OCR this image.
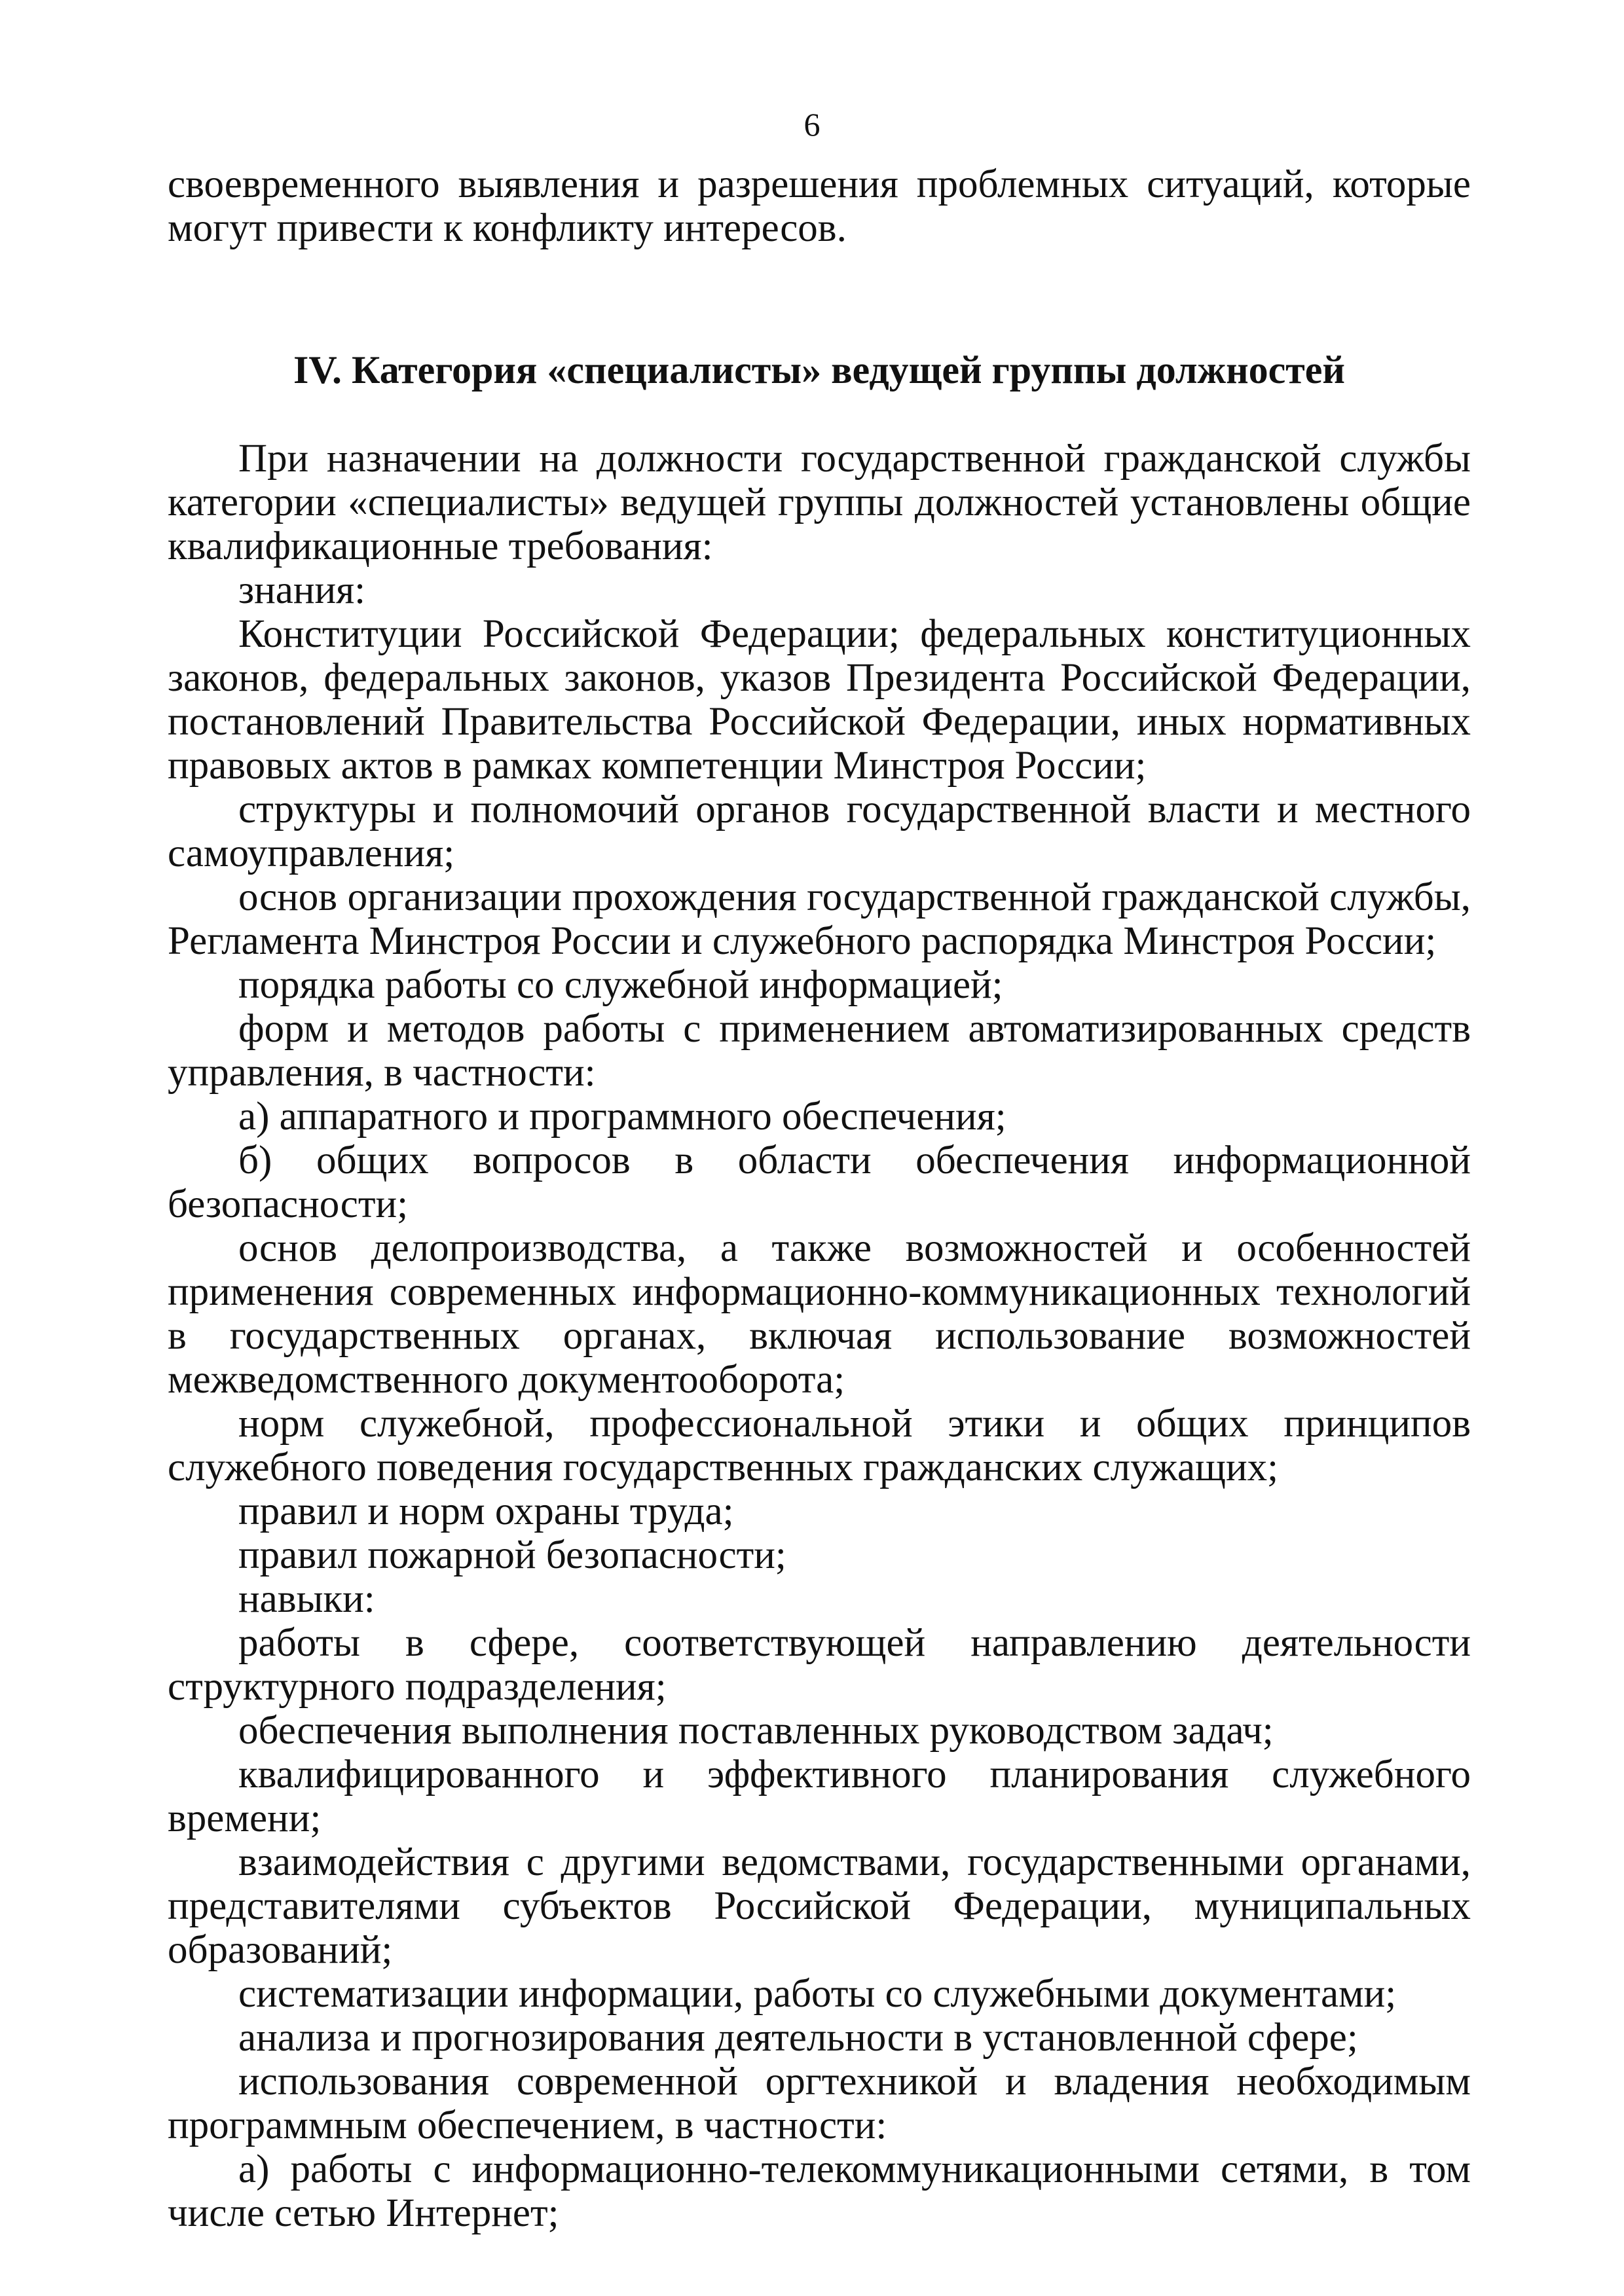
6

своевременного выявления и разрешения проблемных ситуаций, которые могут привести к конфликту интересов.

IV. Категория «специалисты» ведущей группы должностей

При назначении на должности государственной гражданской службы категории «специалисты» ведущей группы должностей установлены общие квалификационные требования:

знания:

Конституции Российской Федерации; федеральных конституционных законов, федеральных законов, указов Президента Российской Федерации, постановлений Правительства Российской Федерации, иных нормативных правовых актов в рамках компетенции Минстроя России;

структуры и полномочий органов государственной власти и местного самоуправления;

основ организации прохождения государственной гражданской службы, Регламента Минстроя России и служебного распорядка Минстроя России;

порядка работы со служебной информацией;

форм и методов работы с применением автоматизированных средств управления, в частности:

а) аппаратного и программного обеспечения;

б) общих вопросов в области обеспечения информационной безопасности;

основ делопроизводства, а также возможностей и особенностей применения современных информационно-коммуникационных технологий в государственных органах, включая использование возможностей межведомственного документооборота;

норм служебной, профессиональной этики и общих принципов служебного поведения государственных гражданских служащих;

правил и норм охраны труда;

правил пожарной безопасности;

навыки:

работы в сфере, соответствующей направлению деятельности структурного подразделения;

обеспечения выполнения поставленных руководством задач;

квалифицированного и эффективного планирования служебного времени;

взаимодействия с другими ведомствами, государственными органами, представителями субъектов Российской Федерации, муниципальных образований;

систематизации информации, работы со служебными документами;

анализа и прогнозирования деятельности в установленной сфере;

использования современной оргтехникой и владения необходимым программным обеспечением, в частности:

а) работы с информационно-телекоммуникационными сетями, в том числе сетью Интернет;
